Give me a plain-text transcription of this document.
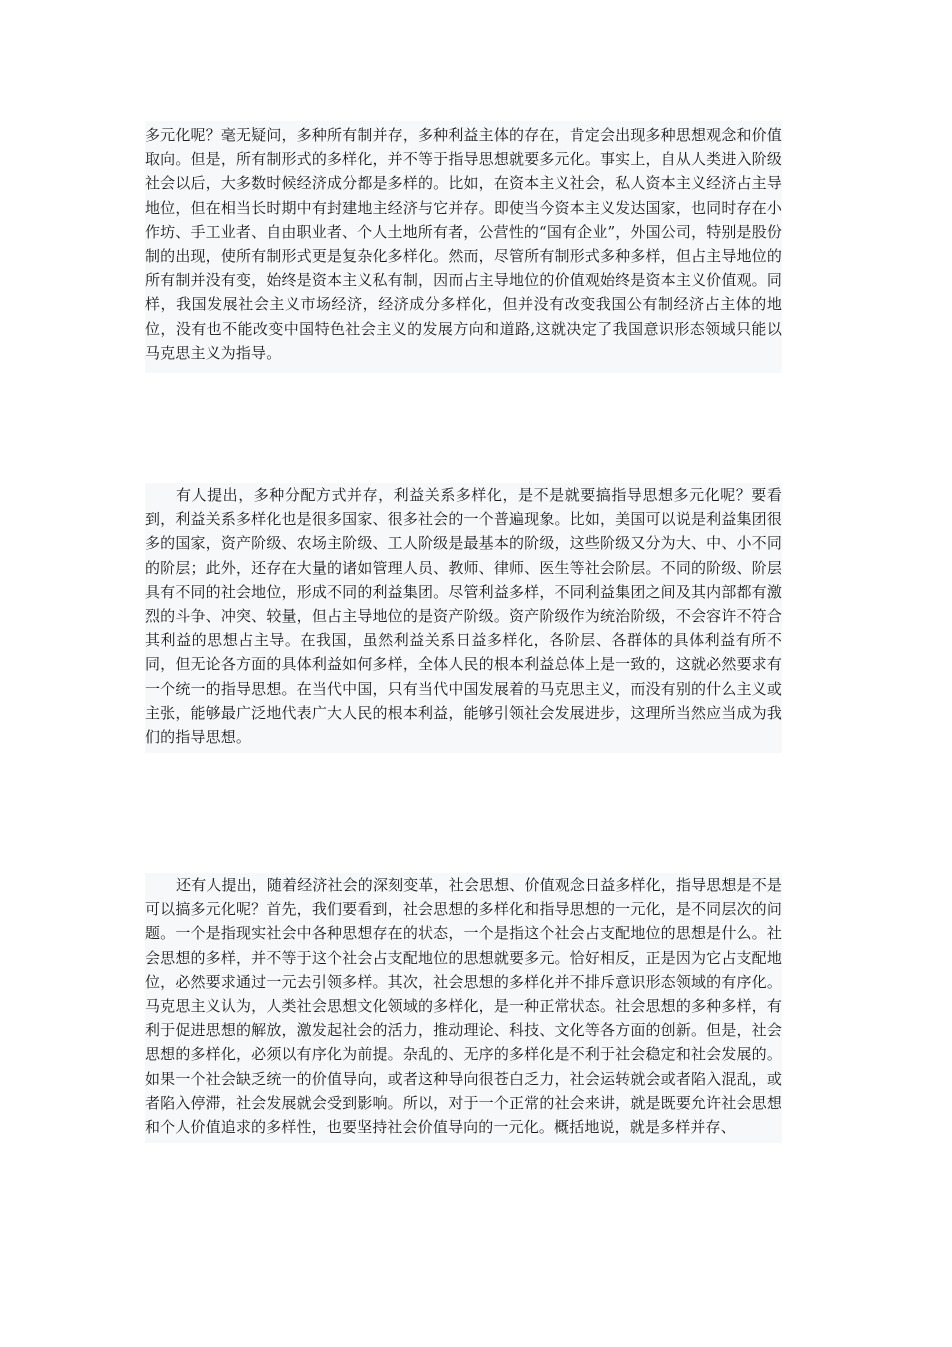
多元化呢？毫无疑问，多种所有制并存，多种利益主体的存在，肯定会出现多种思想观念和价值取向。但是，所有制形式的多样化，并不等于指导思想就要多元化。事实上，自从人类进入阶级社会以后，大多数时候经济成分都是多样的。比如，在资本主义社会，私人资本主义经济占主导地位，但在相当长时期中有封建地主经济与它并存。即使当今资本主义发达国家，也同时存在小作坊、手工业者、自由职业者、个人土地所有者，公营性的“国有企业”，外国公司，特别是股份制的出现，使所有制形式更是复杂化多样化。然而，尽管所有制形式多种多样，但占主导地位的所有制并没有变，始终是资本主义私有制，因而占主导地位的价值观始终是资本主义价值观。同样，我国发展社会主义市场经济，经济成分多样化，但并没有改变我国公有制经济占主体的地位，没有也不能改变中国特色社会主义的发展方向和道路,这就决定了我国意识形态领域只能以马克思主义为指导。

有人提出，多种分配方式并存，利益关系多样化，是不是就要搞指导思想多元化呢？要看到，利益关系多样化也是很多国家、很多社会的一个普遍现象。比如，美国可以说是利益集团很多的国家，资产阶级、农场主阶级、工人阶级是最基本的阶级，这些阶级又分为大、中、小不同的阶层；此外，还存在大量的诸如管理人员、教师、律师、医生等社会阶层。不同的阶级、阶层具有不同的社会地位，形成不同的利益集团。尽管利益多样，不同利益集团之间及其内部都有激烈的斗争、冲突、较量，但占主导地位的是资产阶级。资产阶级作为统治阶级，不会容许不符合其利益的思想占主导。在我国，虽然利益关系日益多样化，各阶层、各群体的具体利益有所不同，但无论各方面的具体利益如何多样，全体人民的根本利益总体上是一致的，这就必然要求有一个统一的指导思想。在当代中国，只有当代中国发展着的马克思主义，而没有别的什么主义或主张，能够最广泛地代表广大人民的根本利益，能够引领社会发展进步，这理所当然应当成为我们的指导思想。

还有人提出，随着经济社会的深刻变革，社会思想、价值观念日益多样化，指导思想是不是可以搞多元化呢？首先，我们要看到，社会思想的多样化和指导思想的一元化，是不同层次的问题。一个是指现实社会中各种思想存在的状态，一个是指这个社会占支配地位的思想是什么。社会思想的多样，并不等于这个社会占支配地位的思想就要多元。恰好相反，正是因为它占支配地位，必然要求通过一元去引领多样。其次，社会思想的多样化并不排斥意识形态领域的有序化。马克思主义认为，人类社会思想文化领域的多样化，是一种正常状态。社会思想的多种多样，有利于促进思想的解放，激发起社会的活力，推动理论、科技、文化等各方面的创新。但是，社会思想的多样化，必须以有序化为前提。杂乱的、无序的多样化是不利于社会稳定和社会发展的。如果一个社会缺乏统一的价值导向，或者这种导向很苍白乏力，社会运转就会或者陷入混乱，或者陷入停滞，社会发展就会受到影响。所以，对于一个正常的社会来讲，就是既要允许社会思想和个人价值追求的多样性，也要坚持社会价值导向的一元化。概括地说，就是多样并存、
